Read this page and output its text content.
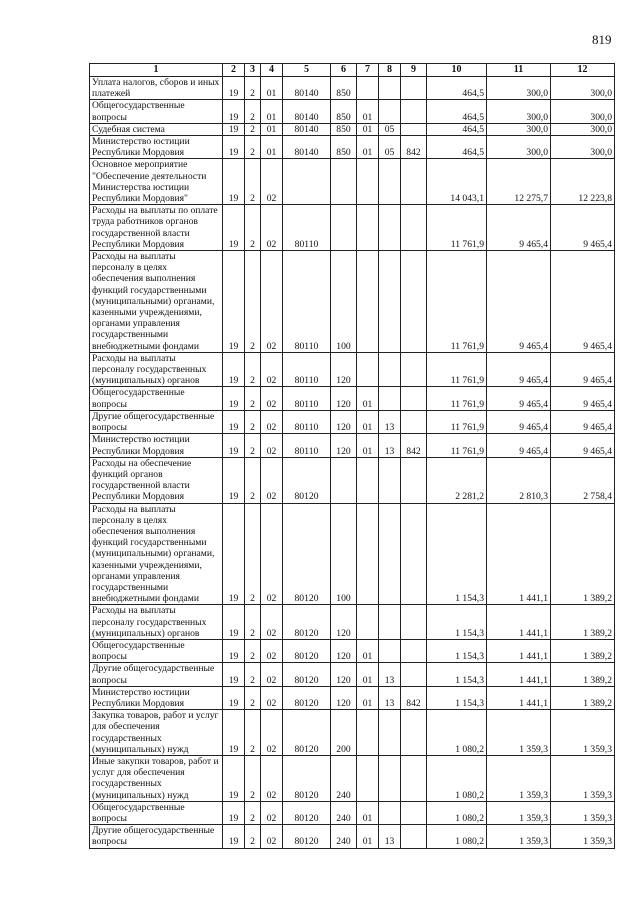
819
1	2	3	4	5	6	7	8	9	10	11	12
Уплата налогов, сборов и иных платежей	19	2	01	80140	850				464,5	300,0	300,0
Общегосударственные вопросы	19	2	01	80140	850	01			464,5	300,0	300,0
Судебная система	19	2	01	80140	850	01	05		464,5	300,0	300,0
Министерство юстиции Республики Мордовия	19	2	01	80140	850	01	05	842	464,5	300,0	300,0
Основное мероприятие "Обеспечение деятельности Министерства юстиции Республики Мордовия"	19	2	02						14 043,1	12 275,7	12 223,8
Расходы на выплаты по оплате труда работников органов государственной власти Республики Мордовия	19	2	02	80110					11 761,9	9 465,4	9 465,4
Расходы на выплаты персоналу в целях обеспечения выполнения функций государственными (муниципальными) органами, казенными учреждениями, органами управления государственными внебюджетными фондами	19	2	02	80110	100				11 761,9	9 465,4	9 465,4
Расходы на выплаты персоналу государственных (муниципальных) органов	19	2	02	80110	120				11 761,9	9 465,4	9 465,4
Общегосударственные вопросы	19	2	02	80110	120	01			11 761,9	9 465,4	9 465,4
Другие общегосударственные вопросы	19	2	02	80110	120	01	13		11 761,9	9 465,4	9 465,4
Министерство юстиции Республики Мордовия	19	2	02	80110	120	01	13	842	11 761,9	9 465,4	9 465,4
Расходы на обеспечение функций органов государственной власти Республики Мордовия	19	2	02	80120					2 281,2	2 810,3	2 758,4
Расходы на выплаты персоналу в целях обеспечения выполнения функций государственными (муниципальными) органами, казенными учреждениями, органами управления государственными внебюджетными фондами	19	2	02	80120	100				1 154,3	1 441,1	1 389,2
Расходы на выплаты персоналу государственных (муниципальных) органов	19	2	02	80120	120				1 154,3	1 441,1	1 389,2
Общегосударственные вопросы	19	2	02	80120	120	01			1 154,3	1 441,1	1 389,2
Другие общегосударственные вопросы	19	2	02	80120	120	01	13		1 154,3	1 441,1	1 389,2
Министерство юстиции Республики Мордовия	19	2	02	80120	120	01	13	842	1 154,3	1 441,1	1 389,2
Закупка товаров, работ и услуг для обеспечения государственных (муниципальных) нужд	19	2	02	80120	200				1 080,2	1 359,3	1 359,3
Иные закупки товаров, работ и услуг для обеспечения государственных (муниципальных) нужд	19	2	02	80120	240				1 080,2	1 359,3	1 359,3
Общегосударственные вопросы	19	2	02	80120	240	01			1 080,2	1 359,3	1 359,3
Другие общегосударственные вопросы	19	2	02	80120	240	01	13		1 080,2	1 359,3	1 359,3
